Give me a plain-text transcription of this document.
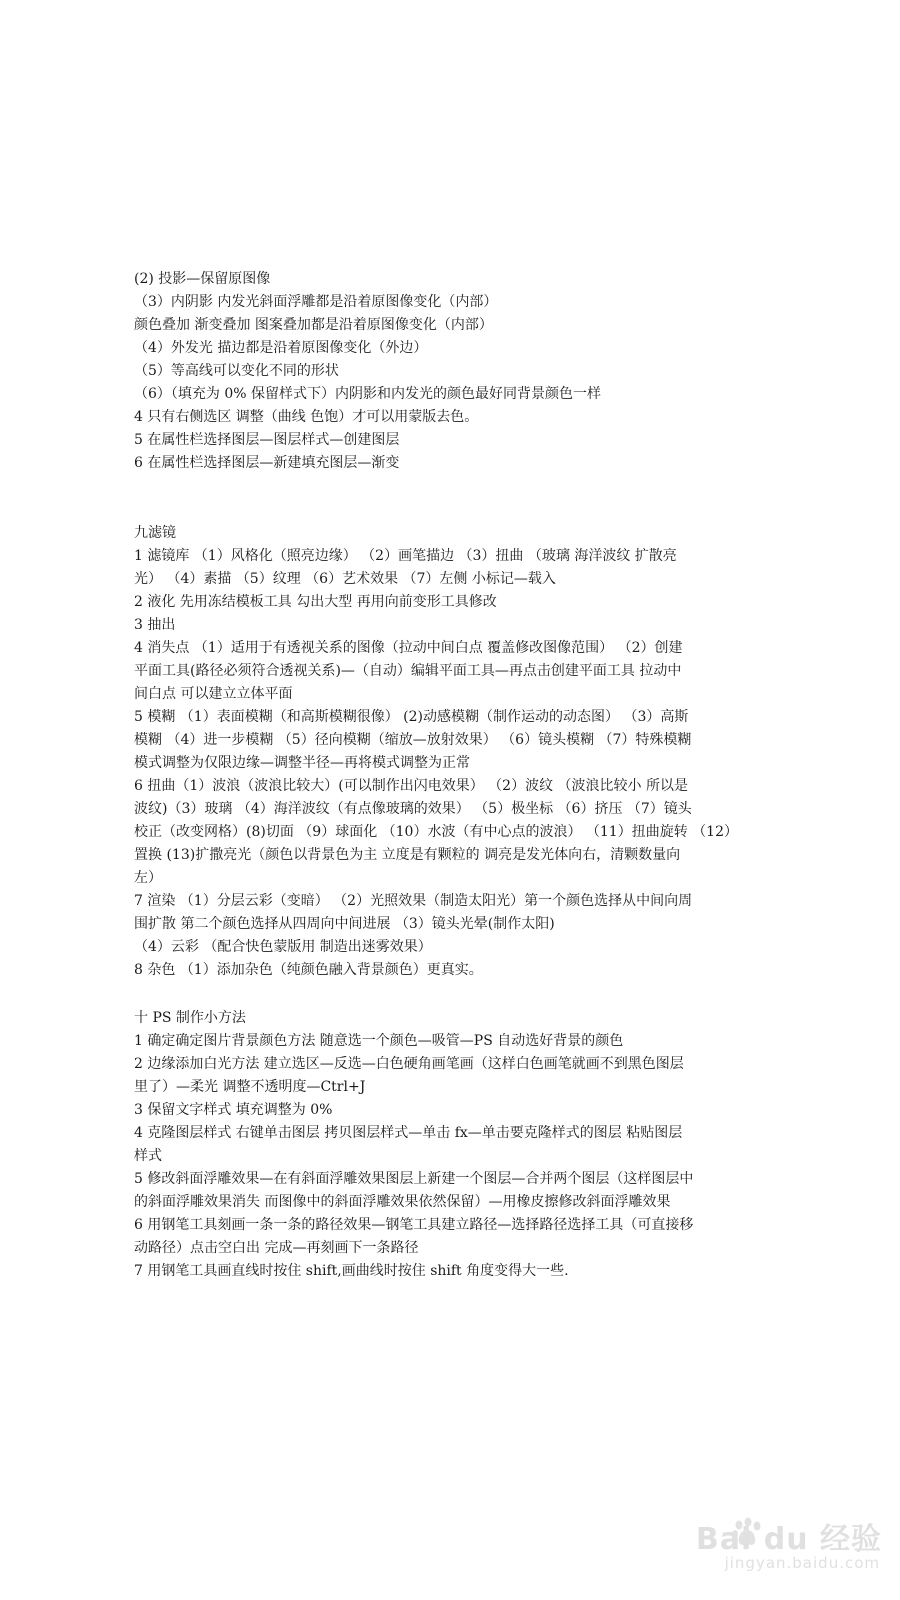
(2) 投影—保留原图像
（3）内阴影 内发光斜面浮雕都是沿着原图像变化（内部）
颜色叠加 渐变叠加 图案叠加都是沿着原图像变化（内部）
（4）外发光 描边都是沿着原图像变化（外边）
（5）等高线可以变化不同的形状
（6）（填充为 0% 保留样式下）内阴影和内发光的颜色最好同背景颜色一样
4 只有右侧选区 调整（曲线 色饱）才可以用蒙版去色。
5 在属性栏选择图层—图层样式—创建图层
6 在属性栏选择图层—新建填充图层—渐变
九滤镜
1 滤镜库 （1）风格化（照亮边缘） （2）画笔描边 （3）扭曲 （玻璃 海洋波纹 扩散亮
光） （4）素描 （5）纹理 （6）艺术效果 （7）左侧 小标记—载入
2 液化 先用冻结模板工具 勾出大型 再用向前变形工具修改
3 抽出
4 消失点 （1）适用于有透视关系的图像（拉动中间白点 覆盖修改图像范围） （2）创建
平面工具(路径必须符合透视关系)—（自动）编辑平面工具—再点击创建平面工具 拉动中
间白点 可以建立立体平面
5 模糊 （1）表面模糊（和高斯模糊很像） (2)动感模糊（制作运动的动态图） （3）高斯
模糊 （4）进一步模糊 （5）径向模糊（缩放—放射效果） （6）镜头模糊 （7）特殊模糊
模式调整为仅限边缘—调整半径—再将模式调整为正常
6 扭曲（1）波浪（波浪比较大）(可以制作出闪电效果） （2）波纹 （波浪比较小 所以是
波纹)（3）玻璃 （4）海洋波纹（有点像玻璃的效果） （5）极坐标 （6）挤压 （7）镜头
校正（改变网格）(8)切面 （9）球面化 （10）水波（有中心点的波浪） （11）扭曲旋转 （12）
置换 (13)扩撒亮光（颜色以背景色为主 立度是有颗粒的 调亮是发光体向右，清颗数量向
左）
7 渲染 （1）分层云彩（变暗） （2）光照效果（制造太阳光）第一个颜色选择从中间向周
围扩散 第二个颜色选择从四周向中间进展 （3）镜头光晕(制作太阳)
（4）云彩 （配合快色蒙版用 制造出迷雾效果）
8 杂色 （1）添加杂色（纯颜色融入背景颜色）更真实。
十 PS 制作小方法
1 确定确定图片背景颜色方法 随意选一个颜色—吸管—PS 自动选好背景的颜色
2 边缘添加白光方法 建立选区—反选—白色硬角画笔画（这样白色画笔就画不到黑色图层
里了）—柔光 调整不透明度—Ctrl+J
3 保留文字样式 填充调整为 0%
4 克隆图层样式 右键单击图层 拷贝图层样式—单击 fx—单击要克隆样式的图层 粘贴图层
样式
5 修改斜面浮雕效果—在有斜面浮雕效果图层上新建一个图层—合并两个图层（这样图层中
的斜面浮雕效果消失 而图像中的斜面浮雕效果依然保留）—用橡皮擦修改斜面浮雕效果
6 用钢笔工具刻画一条一条的路径效果—钢笔工具建立路径—选择路径选择工具（可直接移
动路径）点击空白出 完成—再刻画下一条路径
7 用钢笔工具画直线时按住 shift,画曲线时按住 shift 角度变得大一些.
Bai du 经验
jingyan.baidu.com
